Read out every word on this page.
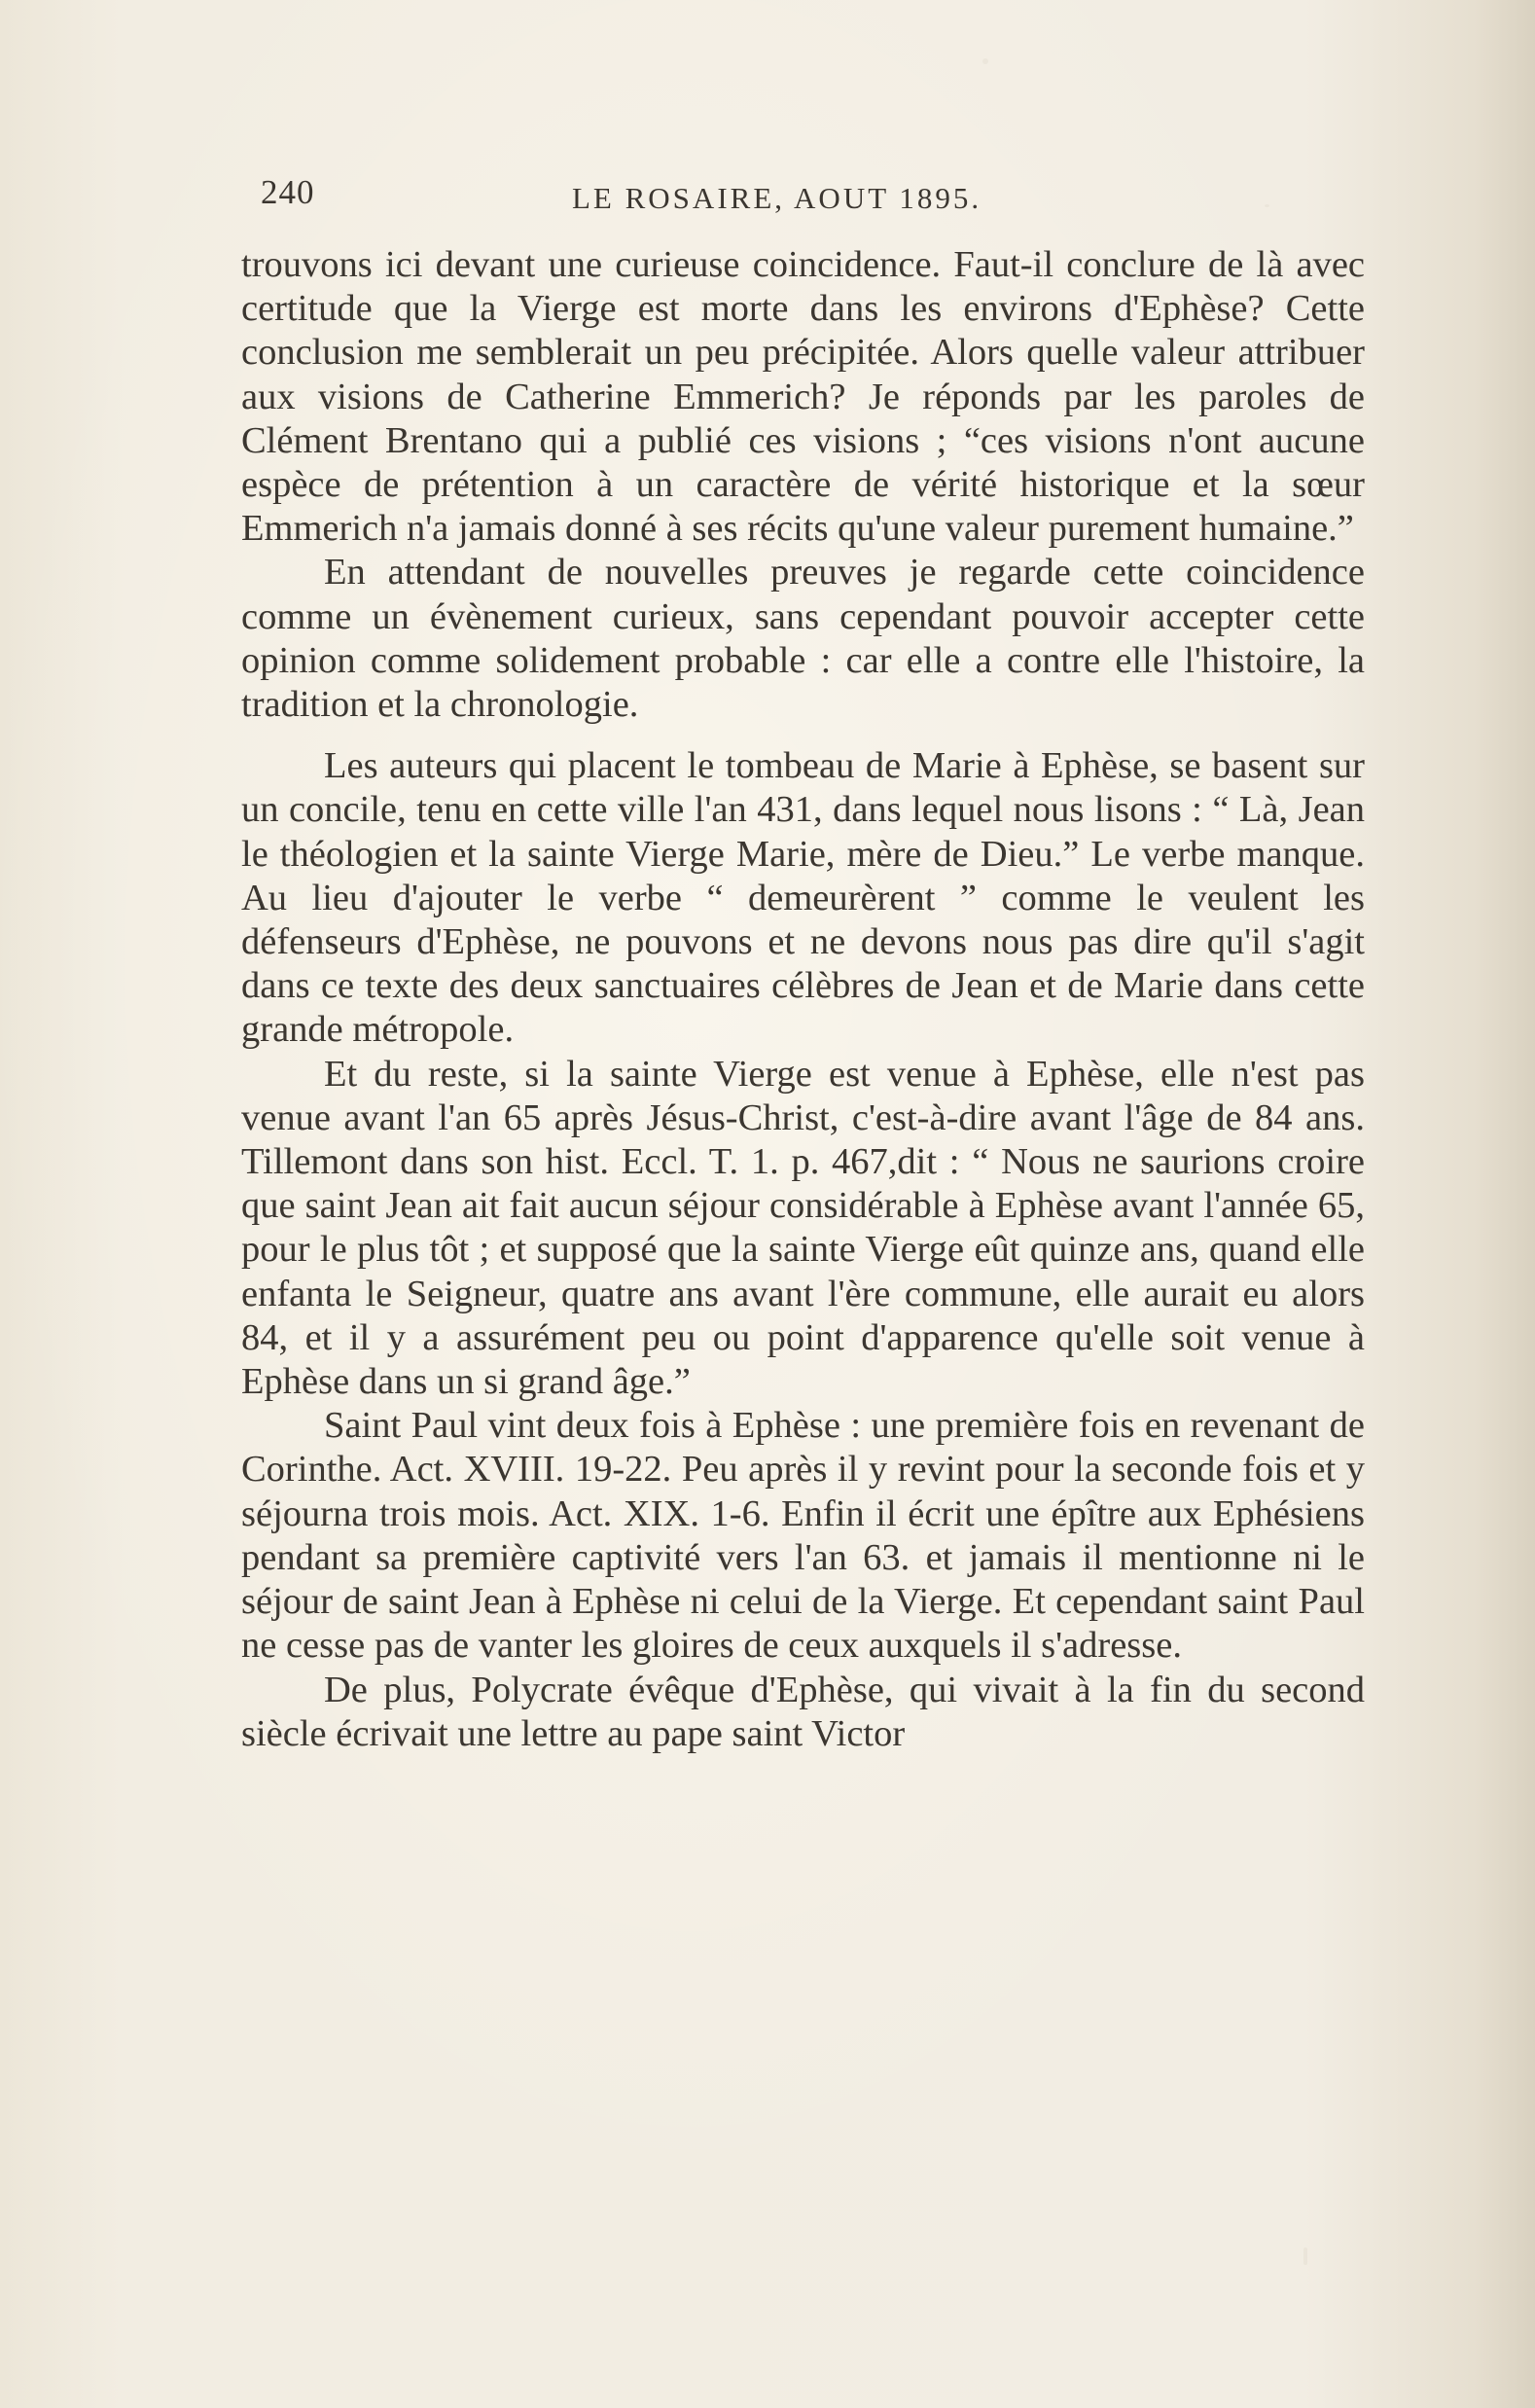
240	LE ROSAIRE, AOUT 1895.

trouvons ici devant une curieuse coincidence. Faut-il conclure de là avec certitude que la Vierge est morte dans les environs d'Ephèse? Cette conclusion me semblerait un peu précipitée. Alors quelle valeur attribuer aux visions de Catherine Emmerich? Je réponds par les paroles de Clément Brentano qui a publié ces visions ; “ces visions n'ont aucune espèce de prétention à un caractère de vérité historique et la sœur Emmerich n'a jamais donné à ses récits qu'une valeur purement humaine.”

En attendant de nouvelles preuves je regarde cette coincidence comme un évènement curieux, sans cependant pouvoir accepter cette opinion comme solidement probable : car elle a contre elle l'histoire, la tradition et la chronologie.

Les auteurs qui placent le tombeau de Marie à Ephèse, se basent sur un concile, tenu en cette ville l'an 431, dans lequel nous lisons : “ Là, Jean le théologien et la sainte Vierge Marie, mère de Dieu.” Le verbe manque. Au lieu d'ajouter le verbe “ demeurèrent ” comme le veulent les défenseurs d'Ephèse, ne pouvons et ne devons nous pas dire qu'il s'agit dans ce texte des deux sanctuaires célèbres de Jean et de Marie dans cette grande métropole.

Et du reste, si la sainte Vierge est venue à Ephèse, elle n'est pas venue avant l'an 65 après Jésus-Christ, c'est-à-dire avant l'âge de 84 ans. Tillemont dans son hist. Eccl. T. 1. p. 467,dit : “ Nous ne saurions croire que saint Jean ait fait aucun séjour considérable à Ephèse avant l'année 65, pour le plus tôt ; et supposé que la sainte Vierge eût quinze ans, quand elle enfanta le Seigneur, quatre ans avant l'ère commune, elle aurait eu alors 84, et il y a assurément peu ou point d'apparence qu'elle soit venue à Ephèse dans un si grand âge.”

Saint Paul vint deux fois à Ephèse : une première fois en revenant de Corinthe. Act. XVIII. 19-22. Peu après il y revint pour la seconde fois et y séjourna trois mois. Act. XIX. 1-6. Enfin il écrit une épître aux Ephésiens pendant sa première captivité vers l'an 63. et jamais il mentionne ni le séjour de saint Jean à Ephèse ni celui de la Vierge. Et cependant saint Paul ne cesse pas de vanter les gloires de ceux auxquels il s'adresse.

De plus, Polycrate évêque d'Ephèse, qui vivait à la fin du second siècle écrivait une lettre au pape saint Victor
